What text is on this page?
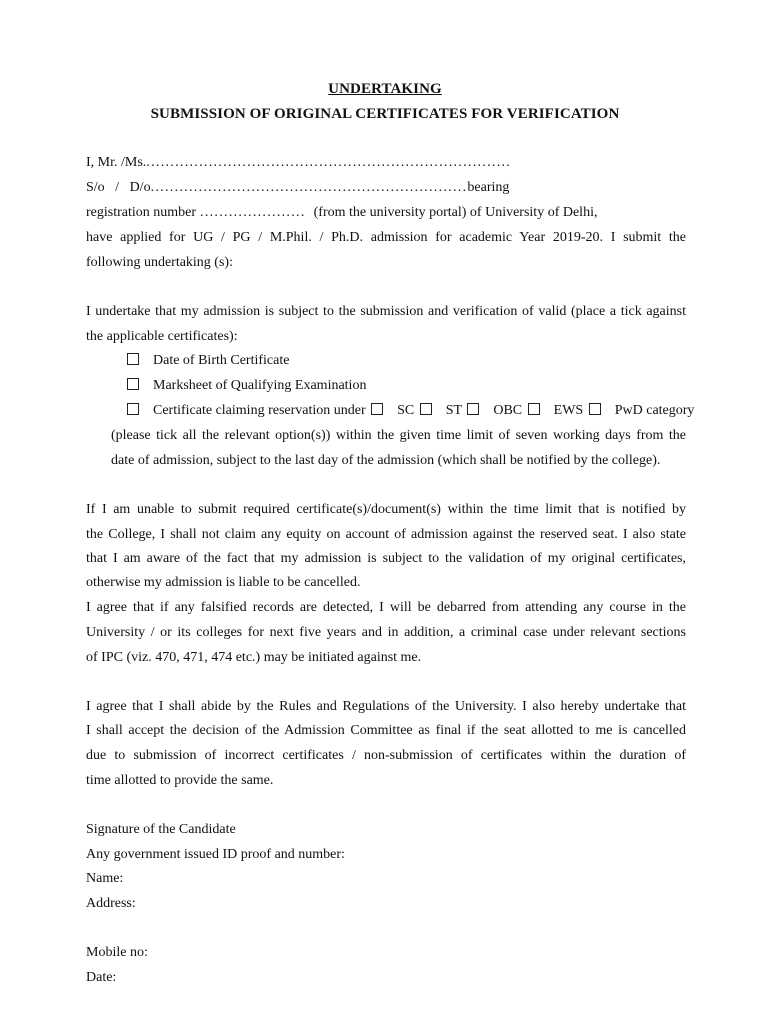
UNDERTAKING
SUBMISSION OF ORIGINAL CERTIFICATES FOR VERIFICATION
I, Mr. /Ms.............................................................................
S/o   /   D/o..................................................................bearing
registration number ...................... (from the university portal) of University of Delhi,
have applied for UG / PG / M.Phil. / Ph.D. admission for academic Year 2019-20. I submit the
following undertaking (s):
I undertake that my admission is subject to the submission and verification of valid (place a tick against
the applicable certificates):
Date of Birth Certificate
Marksheet of Qualifying Examination
Certificate claiming reservation under SC ST OBC EWS PwD category
(please tick all the relevant option(s)) within the given time limit of seven working days from the
date of admission, subject to the last day of the admission (which shall be notified by the college).
If I am unable to submit required certificate(s)/document(s) within the time limit that is notified by
the College, I shall not claim any equity on account of admission against the reserved seat. I also state
that I am aware of the fact that my admission is subject to the validation of my original certificates,
otherwise my admission is liable to be cancelled.
I agree that if any falsified records are detected, I will be debarred from attending any course in the
University / or its colleges for next five years and in addition, a criminal case under relevant sections
of IPC (viz. 470, 471, 474 etc.) may be initiated against me.
I agree that I shall abide by the Rules and Regulations of the University. I also hereby undertake that
I shall accept the decision of the Admission Committee as final if the seat allotted to me is cancelled
due to submission of incorrect certificates / non-submission of certificates within the duration of
time allotted to provide the same.
Signature of the Candidate
Any government issued ID proof and number:
Name:
Address:
Mobile no:
Date:
